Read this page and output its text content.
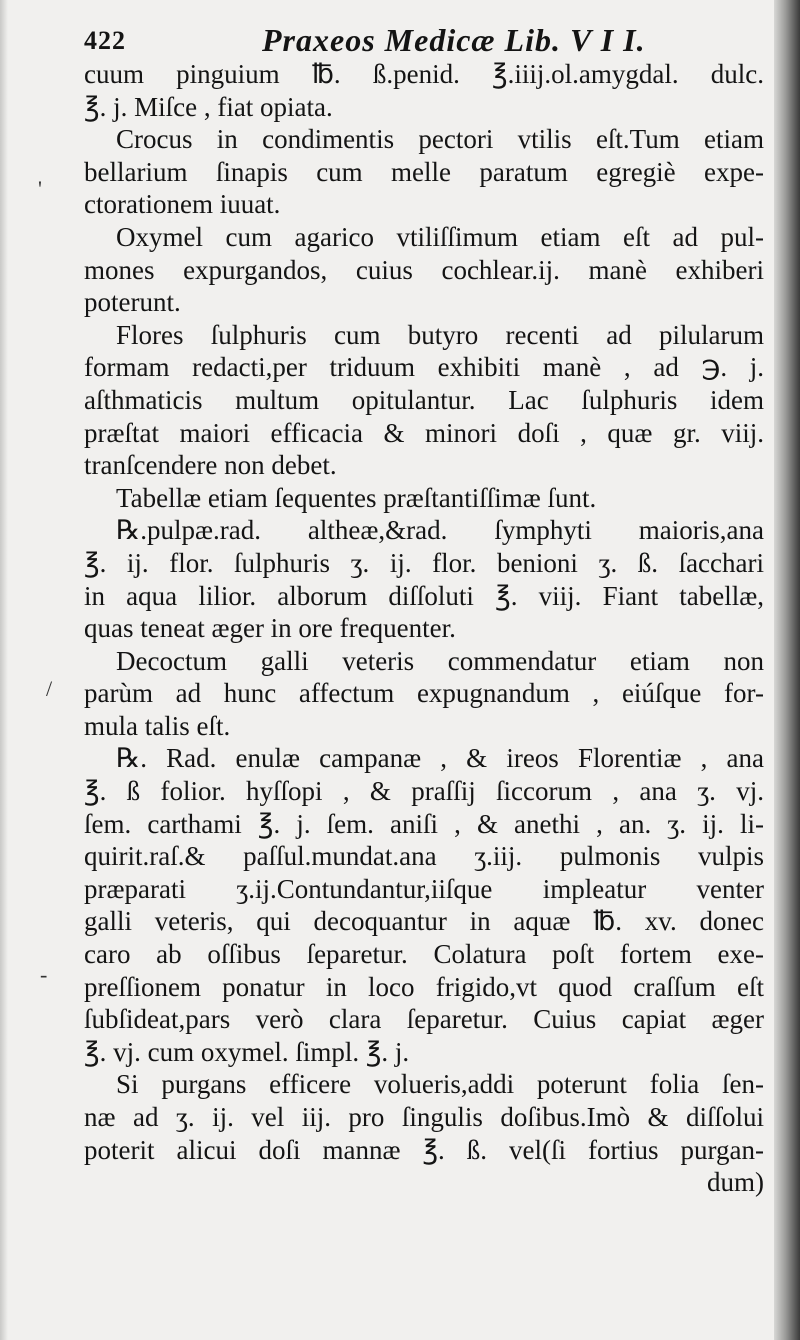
422	Praxeos Medicæ Lib. V I I.
cuum pinguium ℔. ß.penid. ℥.iiij.ol.amygdal. dulc.
℥. j. Miſce , fiat opiata.
Crocus in condimentis pectori vtilis eſt.Tum etiam
bellarium ſinapis cum melle paratum egregiè expe-
ctorationem iuuat.
Oxymel cum agarico vtiliſſimum etiam eſt ad pul-
mones expurgandos, cuius cochlear.ij. manè exhiberi
poterunt.
Flores ſulphuris cum butyro recenti ad pilularum
formam redacti,per triduum exhibiti manè , ad ℈. j.
aſthmaticis multum opitulantur. Lac ſulphuris idem
præſtat maiori efficacia & minori doſi , quæ gr. viij.
tranſcendere non debet.
Tabellæ etiam ſequentes præſtantiſſimæ ſunt.
℞.pulpæ.rad. altheæ,&rad. ſymphyti maioris,ana
℥. ij. flor. ſulphuris ʒ. ij. flor. benioni ʒ. ß. ſacchari
in aqua lilior. alborum diſſoluti ℥. viij. Fiant tabellæ,
quas teneat æger in ore frequenter.
Decoctum galli veteris commendatur etiam non
parùm ad hunc affectum expugnandum , eiúſque for-
mula talis eſt.
℞. Rad. enulæ campanæ , & ireos Florentiæ , ana
℥. ß folior. hyſſopi , & praſſij ſiccorum , ana ʒ. vj.
ſem. carthami ℥. j. ſem. aniſi , & anethi , an. ʒ. ij. li-
quirit.raſ.& paſſul.mundat.ana ʒ.iij. pulmonis vulpis
præparati ʒ.ij.Contundantur,iiſque impleatur venter
galli veteris, qui decoquantur in aquæ ℔. xv. donec
caro ab oſſibus ſeparetur. Colatura poſt fortem exe-
preſſionem ponatur in loco frigido,vt quod craſſum eſt
ſubſideat,pars verò clara ſeparetur. Cuius capiat æger
℥. vj. cum oxymel. ſimpl. ℥. j.
Si purgans efficere volueris,addi poterunt folia ſen-
næ ad ʒ. ij. vel iij. pro ſingulis doſibus.Imò & diſſolui
poterit alicui doſi mannæ ℥. ß. vel(ſi fortius purgan-
dum)
'
/
-
